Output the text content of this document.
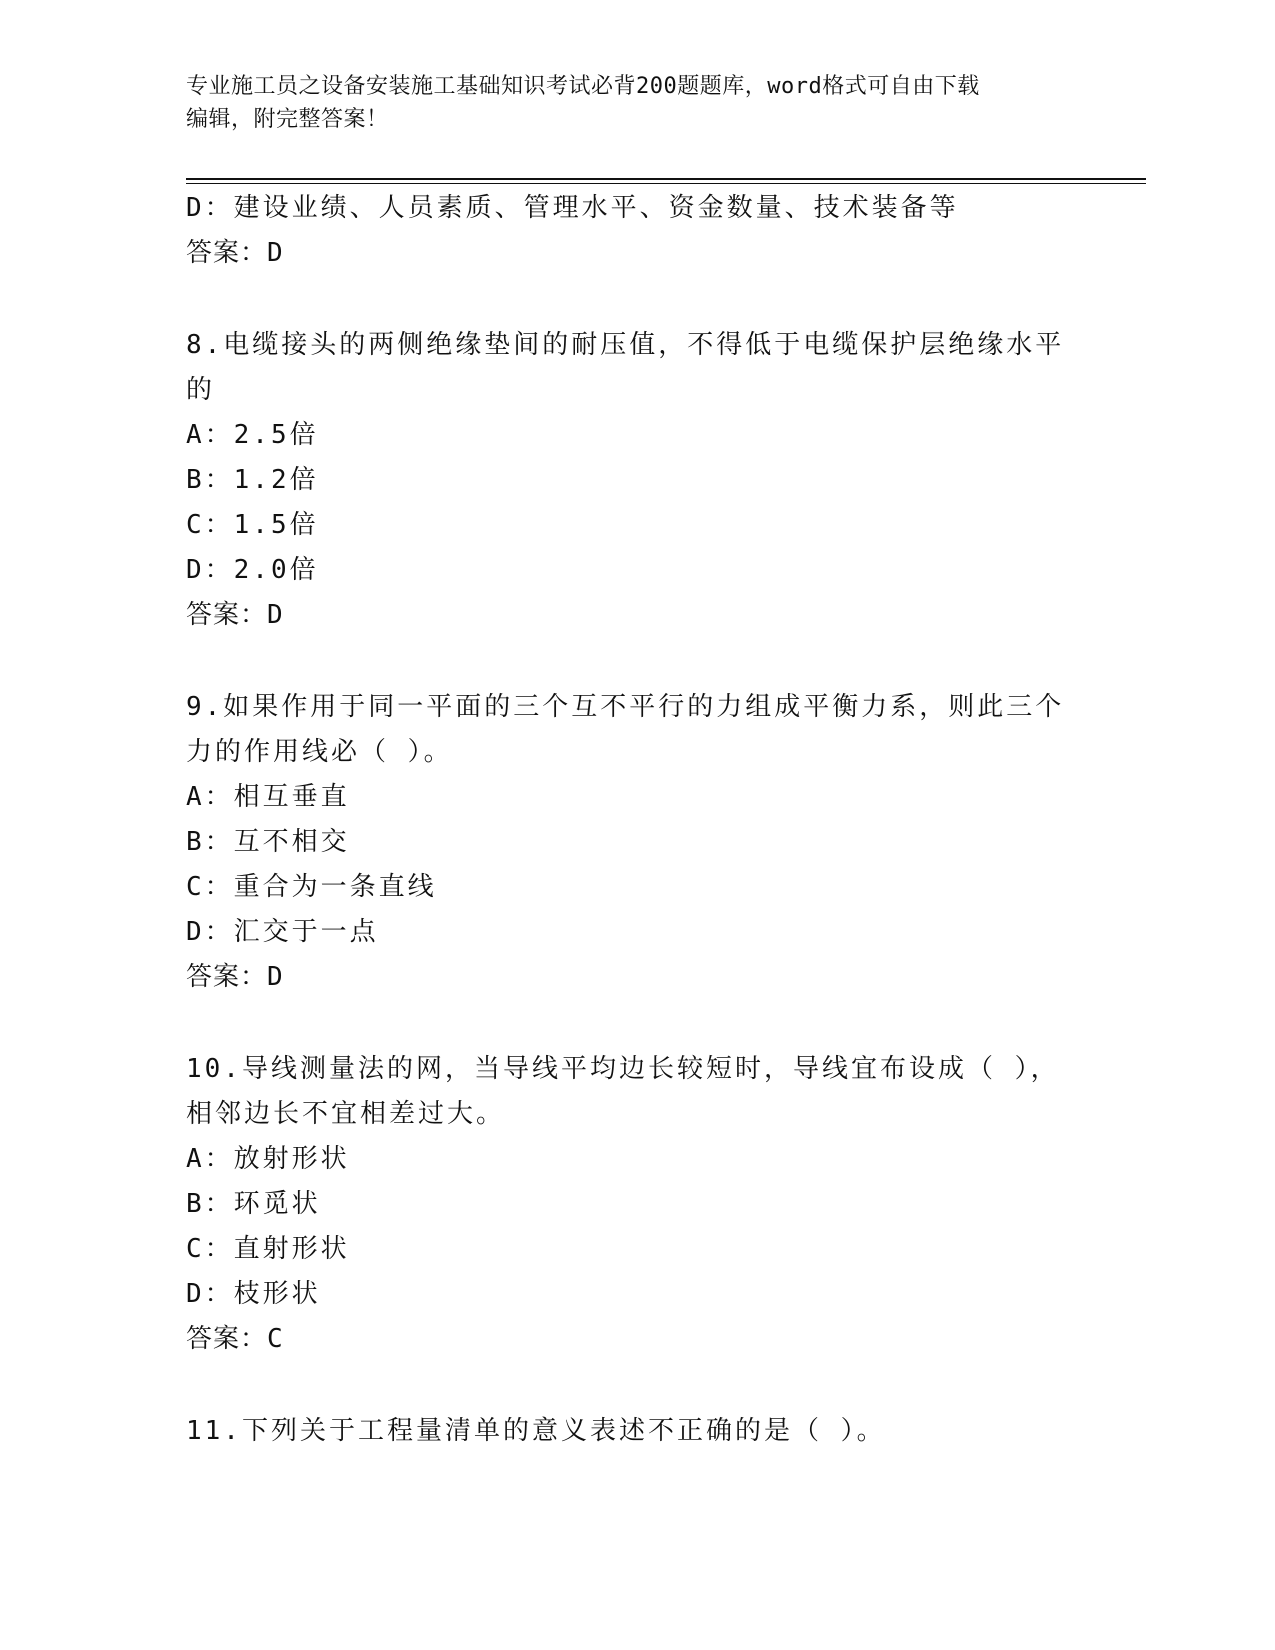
专业施工员之设备安装施工基础知识考试必背200题题库，word格式可自由下载
编辑，附完整答案！
D：建设业绩、人员素质、管理水平、资金数量、技术装备等
答案：D
8.电缆接头的两侧绝缘垫间的耐压值，不得低于电缆保护层绝缘水平
的
A：2.5倍
B：1.2倍
C：1.5倍
D：2.0倍
答案：D
9.如果作用于同一平面的三个互不平行的力组成平衡力系，则此三个
力的作用线必（ ）。
A：相互垂直
B：互不相交
C：重合为一条直线
D：汇交于一点
答案：D
10.导线测量法的网，当导线平均边长较短时，导线宜布设成（ ），
相邻边长不宜相差过大。
A：放射形状
B：环觅状
C：直射形状
D：枝形状
答案：C
11.下列关于工程量清单的意义表述不正确的是（ ）。
